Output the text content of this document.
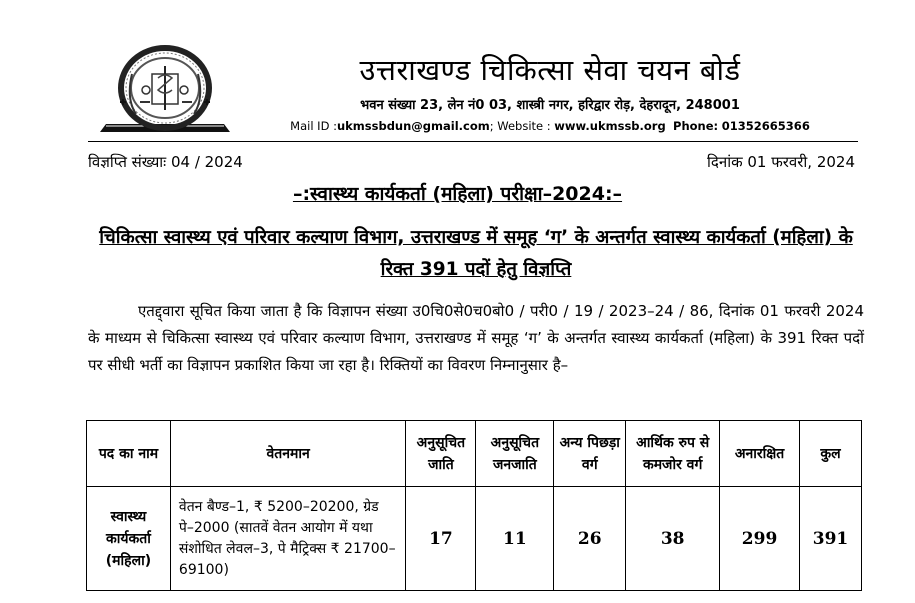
उत्तराखण्ड चिकित्सा सेवा चयन बोर्ड
भवन संख्या 23, लेन नं0 03, शास्त्री नगर, हरिद्वार रोड़, देहरादून, 248001
Mail ID :ukmssbdun@gmail.com; Website : www.ukmssb.org Phone: 01352665366
विज्ञप्ति संख्याः 04 / 2024	दिनांक 01 फरवरी, 2024
–:स्वास्थ्य कार्यकर्ता (महिला) परीक्षा–2024:–
चिकित्सा स्वास्थ्य एवं परिवार कल्याण विभाग, उत्तराखण्ड में समूह ‘ग’ के अन्तर्गत स्वास्थ्य कार्यकर्ता (महिला) के रिक्त 391 पदों हेतु विज्ञप्ति
एतद्द्वारा सूचित किया जाता है कि विज्ञापन संख्या उ0चि0से0च0बो0 / परी0 / 19 / 2023–24 / 86, दिनांक 01 फरवरी 2024 के माध्यम से चिकित्सा स्वास्थ्य एवं परिवार कल्याण विभाग, उत्तराखण्ड में समूह ‘ग’ के अन्तर्गत स्वास्थ्य कार्यकर्ता (महिला) के 391 रिक्त पदों पर सीधी भर्ती का विज्ञापन प्रकाशित किया जा रहा है। रिक्तियों का विवरण निम्नानुसार है–
पद का नाम	वेतनमान	अनुसूचित जाति	अनुसूचित जनजाति	अन्य पिछड़ा वर्ग	आर्थिक रुप से कमजोर वर्ग	अनारक्षित	कुल
स्वास्थ्य कार्यकर्ता (महिला)	वेतन बैण्ड–1, ₹ 5200–20200, ग्रेड पे–2000 (सातवें वेतन आयोग में यथा संशोधित लेवल–3, पे मैट्रिक्स ₹ 21700– 69100)	17	11	26	38	299	391
